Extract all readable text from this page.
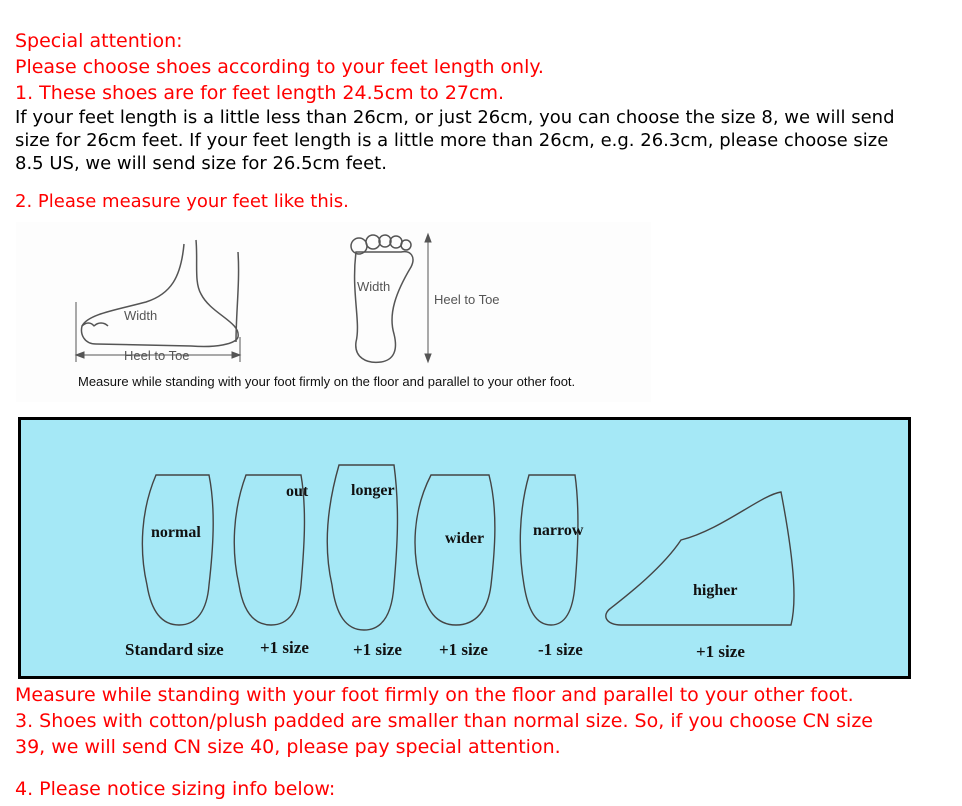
Special attention:
Please choose shoes according to your feet length only.
1. These shoes are for feet length 24.5cm to 27cm.
If your feet length is a little less than 26cm, or just 26cm, you can choose the size 8, we will send
size for 26cm feet. If your feet length is a little more than 26cm, e.g. 26.3cm, please choose size
8.5 US, we will send size for 26.5cm feet.
2. Please measure your feet like this.
Width
Heel to Toe
Width
Heel to Toe
Measure while standing with your foot firmly on the floor and parallel to your other foot.
normal
out	longer
wider	narrow
higher
Standard size +1 size	+1 size +1 size	-1 size	+1 size
Measure while standing with your foot firmly on the floor and parallel to your other foot.
3. Shoes with cotton/plush padded are smaller than normal size. So, if you choose CN size
39, we will send CN size 40, please pay special attention.
4. Please notice sizing info below:
